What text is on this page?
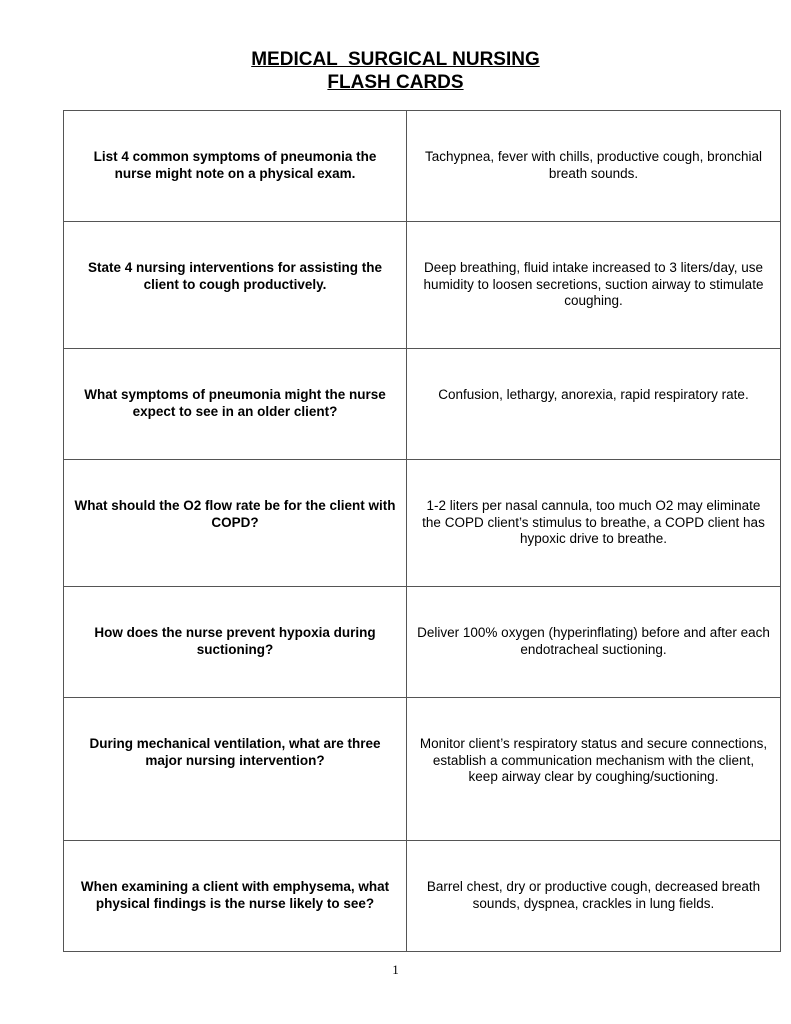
MEDICAL  SURGICAL NURSING
FLASH CARDS
List 4 common symptoms of pneumonia the nurse might note on a physical exam.	Tachypnea, fever with chills, productive cough, bronchial breath sounds.
State 4 nursing interventions for assisting the client to cough productively.	Deep breathing, fluid intake increased to 3 liters/day, use humidity to loosen secretions, suction airway to stimulate coughing.
What symptoms of pneumonia might the nurse expect to see in an older client?	Confusion, lethargy, anorexia, rapid respiratory rate.
What should the O2 flow rate be for the client with COPD?	1-2 liters per nasal cannula, too much O2 may eliminate the COPD client’s stimulus to breathe, a COPD client has hypoxic drive to breathe.
How does the nurse prevent hypoxia during suctioning?	Deliver 100% oxygen (hyperinflating) before and after each endotracheal suctioning.
During mechanical ventilation, what are three major nursing intervention?	Monitor client’s respiratory status and secure connections, establish a communication mechanism with the client, keep airway clear by coughing/suctioning.
When examining a client with emphysema, what physical findings is the nurse likely to see?	Barrel chest, dry or productive cough, decreased breath sounds, dyspnea, crackles in lung fields.
1
